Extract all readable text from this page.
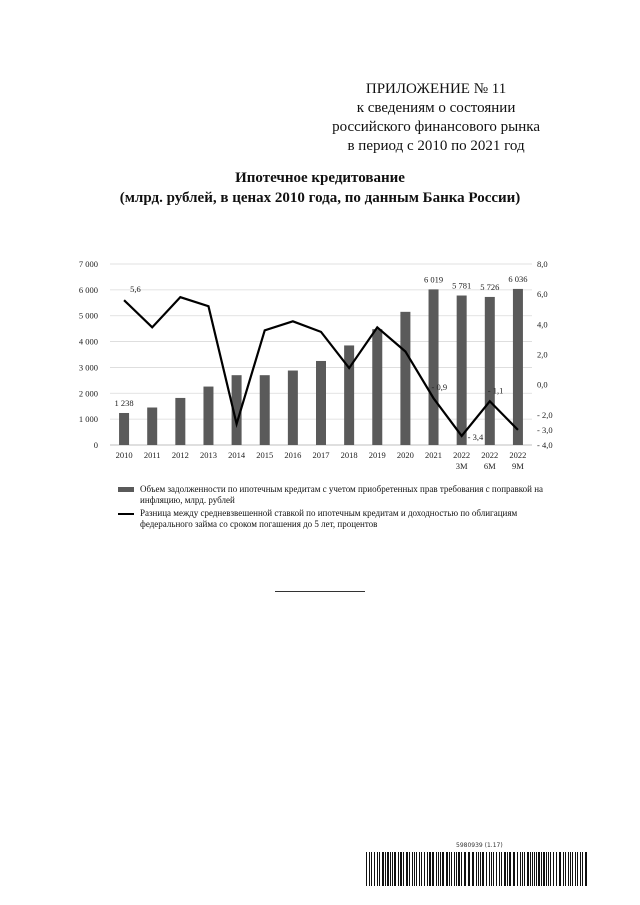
ПРИЛОЖЕНИЕ № 11
к сведениям о состоянии
российского финансового рынка
в период с 2010 по 2021 год
Ипотечное кредитование
(млрд. рублей, в ценах 2010 года, по данным Банка России)
0
1 000
2 000
3 000
4 000
5 000
6 000
7 000	8,0
6,0
4,0
2,0
0,0
- 2,0
- 3,0
- 4,0
1 238
6 019
5 781 5 726
6 036
5,6
- 0,9
- 3,4
- 1,1
2010 2011 2012 2013 2014 2015 2016 2017 2018 2019 2020 2021 2022
3М
2022
6М
2022
9М
Объем задолженности по ипотечным кредитам с учетом приобретенных прав требования с поправкой на инфляцию, млрд. рублей
Разница между средневзвешенной ставкой по ипотечным кредитам и доходностью по облигациям федерального займа со сроком погашения до 5 лет, процентов
5980939 (1.17)
